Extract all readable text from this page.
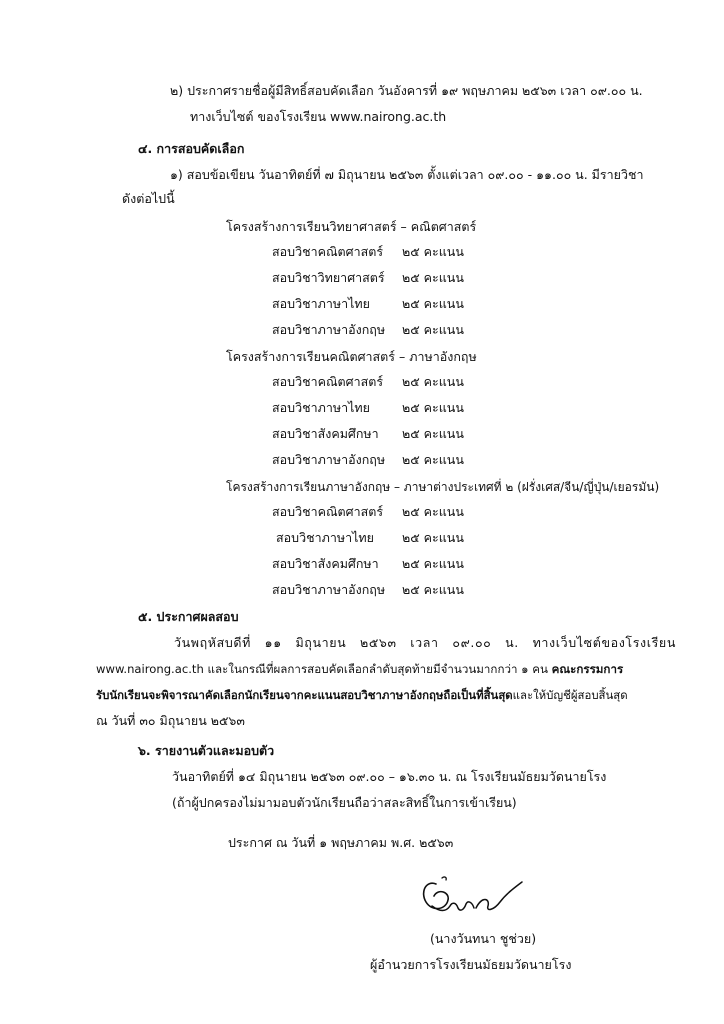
๒) ประกาศรายชื่อผู้มีสิทธิ์สอบคัดเลือก วันอังคารที่ ๑๙ พฤษภาคม ๒๕๖๓ เวลา ๐๙.๐๐ น.
ทางเว็บไซต์ ของโรงเรียน www.nairong.ac.th
๔. การสอบคัดเลือก
๑) สอบข้อเขียน วันอาทิตย์ที่ ๗ มิถุนายน ๒๕๖๓ ตั้งแต่เวลา ๐๙.๐๐ - ๑๑.๐๐ น. มีรายวิชา
ดังต่อไปนี้
โครงสร้างการเรียนวิทยาศาสตร์ – คณิตศาสตร์
สอบวิชาคณิตศาสตร์ ๒๕ คะแนน
สอบวิชาวิทยาศาสตร์ ๒๕ คะแนน
สอบวิชาภาษาไทย	๒๕ คะแนน
สอบวิชาภาษาอังกฤษ ๒๕ คะแนน
โครงสร้างการเรียนคณิตศาสตร์ – ภาษาอังกฤษ
สอบวิชาคณิตศาสตร์ ๒๕ คะแนน
สอบวิชาภาษาไทย	๒๕ คะแนน
สอบวิชาสังคมศึกษา ๒๕ คะแนน
สอบวิชาภาษาอังกฤษ ๒๕ คะแนน
โครงสร้างการเรียนภาษาอังกฤษ – ภาษาต่างประเทศที่ ๒ (ฝรั่งเศส/จีน/ญี่ปุ่น/เยอรมัน)
สอบวิชาคณิตศาสตร์ ๒๕ คะแนน
สอบวิชาภาษาไทย ๒๕ คะแนน
สอบวิชาสังคมศึกษา ๒๕ คะแนน
สอบวิชาภาษาอังกฤษ ๒๕ คะแนน
๕. ประกาศผลสอบ
วันพฤหัสบดีที่ ๑๑ มิถุนายน ๒๕๖๓ เวลา ๐๙.๐๐ น. ทางเว็บไซต์ของโรงเรียน
www.nairong.ac.th และในกรณีที่ผลการสอบคัดเลือกลำดับสุดท้ายมีจำนวนมากกว่า ๑ คน คณะกรรมการ
รับนักเรียนจะพิจารณาคัดเลือกนักเรียนจากคะแนนสอบวิชาภาษาอังกฤษถือเป็นที่สิ้นสุดและให้บัญชีผู้สอบสิ้นสุด
ณ วันที่ ๓๐ มิถุนายน ๒๕๖๓
๖. รายงานตัวและมอบตัว
วันอาทิตย์ที่ ๑๔ มิถุนายน ๒๕๖๓ ๐๙.๐๐ – ๑๖.๓๐ น. ณ โรงเรียนมัธยมวัดนายโรง
(ถ้าผู้ปกครองไม่มามอบตัวนักเรียนถือว่าสละสิทธิ์ในการเข้าเรียน)
ประกาศ ณ วันที่ ๑ พฤษภาคม พ.ศ. ๒๕๖๓
(นางวันทนา ชูช่วย)
ผู้อำนวยการโรงเรียนมัธยมวัดนายโรง
